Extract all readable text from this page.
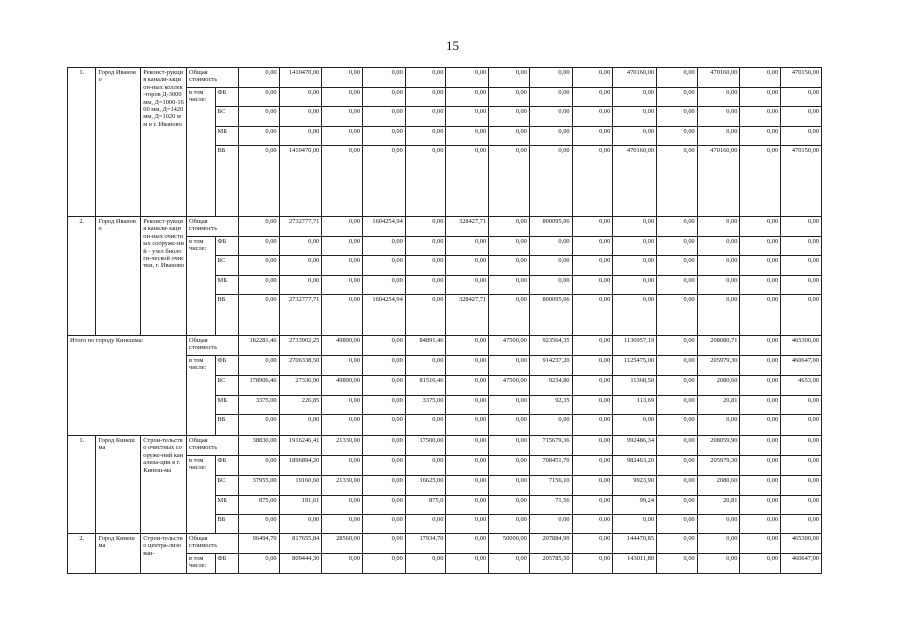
15
1.	Город Иваново	Реконст-рукция канали-зацион-ных коллек-торов Д-3000 мм, Д=1000-1600 мм, Д=1420 мм, Д=1020 мм в г. Иваново	Общая стоимость		0,00	1410470,00	0,00	0,00	0,00	0,00	0,00	0,00	0,00	470160,00	0,00	470160,00	0,00	470150,00

			в том
числе:	ФБ	0,00	0,00	0,00	0,00	0,00	0,00	0,00	0,00	0,00	0,00	0,00	0,00	0,00	0,00
				БС	0,00	0,00	0,00	0,00	0,00	0,00	0,00	0,00	0,00	0,00	0,00	0,00	0,00	0,00
				МБ	0,00	0,00	0,00	0,00	0,00	0,00	0,00	0,00	0,00	0,00	0,00	0,00	0,00	0,00
				ВБ	0,00	1410470,00	0,00	0,00	0,00	0,00	0,00	0,00	0,00	470160,00	0,00	470160,00	0,00	470150,00
2.	Город Иваново	Реконст-рукция канали-зацион-ных очистных сооруже-ний - узел биологи-ческой очистки, г. Иваново	Общая стоимость		0,00	2732777,71	0,00	1604254,94	0,00	328427,71	0,00	800095,06	0,00	0,00	0,00	0,00	0,00	0,00

			в том
числе:	ФБ	0,00	0,00	0,00	0,00	0,00	0,00	0,00	0,00	0,00	0,00	0,00	0,00	0,00	0,00
				БС	0,00	0,00	0,00	0,00	0,00	0,00	0,00	0,00	0,00	0,00	0,00	0,00	0,00	0,00
				МБ	0,00	0,00	0,00	0,00	0,00	0,00	0,00	0,00	0,00	0,00	0,00	0,00	0,00	0,00
				ВБ	0,00	2732777,71	0,00	1604254,94	0,00	328427,71	0,00	800095,06	0,00	0,00	0,00	0,00	0,00	0,00
Итого по городу Кинешма:			Общая стоимость		182281,46	2733902,25	49890,00	0,00	84891,46	0,00	47500,00	923564,35	0,00	1136957,19	0,00	208080,71	0,00	465300,00

			в том
числе:	ФБ	0,00	2706338,50	0,00	0,00	0,00	0,00	0,00	914237,20	0,00	1125475,00	0,00	205979,30	0,00	460647,00
				БС	178906,46	27336,90	49890,00	0,00	81516,46	0,00	47500,00	9234,80	0,00	11368,50	0,00	2080,60	0,00	4653,00
				МБ	3375,00	226,85	0,00	0,00	3375,00	0,00	0,00	92,35	0,00	113,69	0,00	20,81	0,00	0,00
				ВБ	0,00	0,00	0,00	0,00	0,00	0,00	0,00	0,00	0,00	0,00	0,00	0,00	0,00	0,00
1.	Город Кинешма	Строи-тельство очистных сооруже-ний канализа-ции в г. Кинеш-ма	Общая стоимость		38830,00	1916246,41	21330,00	0,00	17500,00	0,00	0,00	715679,36	0,00	992486,34	0,00	208059,90	0,00	0,00

			в том
числе:	ФБ	0,00	1896894,20	0,00	0,00	0,00	0,00	0,00	708451,70	0,00	982463,20	0,00	205979,30	0,00	0,00
				БС	37955,00	19160,60	21330,00	0,00	16625,00	0,00	0,00	7156,10	0,00	9923,90	0,00	2080,60	0,00	0,00
				МБ	875,00	191,61	0,00	0,00	875,0	0,00	0,00	71,56	0,00	99,24	0,00	20,81	0,00	0,00
				ВБ	0,00	0,00	0,00	0,00	0,00	0,00	0,00	0,00	0,00	0,00	0,00	0,00	0,00	0,00
2.	Город Кинешма	Строи-тельство центра-лизован-	Общая стоимость		96494,70	817655,84	28560,00	0,00	17934,70	0,00	50000,00	207884,99	0,00	144470,85	0,00	0,00	0,00	465300,00

			в том
числе:	ФБ	0,00	809444,30	0,00	0,00	0,00	0,00	0,00	205785,50	0,00	143011,80	0,00	0,00	0,00	460647,00
